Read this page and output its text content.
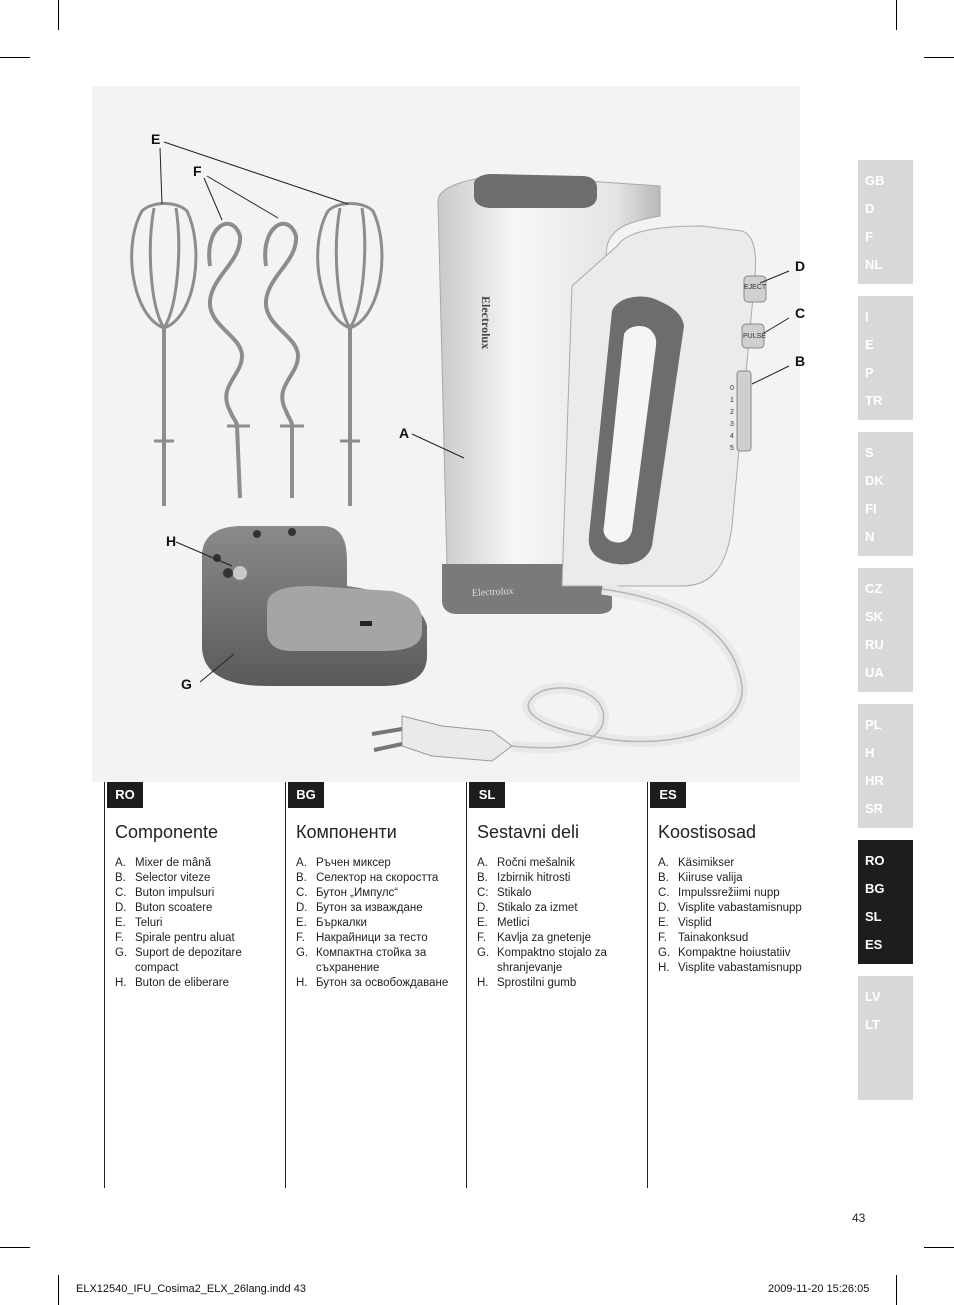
EJECT
PULSE
0
1
2
3
4
5
Electrolux
Electrolux
E
F
D
C
B
A
H
G
RO
Componente
A. Mixer de mână
B. Selector viteze
C. Buton impulsuri
D. Buton scoatere
E. Teluri
F. Spirale pentru aluat
G. Suport de depozitare compact
H. Buton de eliberare
BG
Компоненти
A. Ръчен миксер
B. Селектор на скоростта
C. Бутон „Импулс“
D. Бутон за изваждане
E. Бъркалки
F. Накрайници за тесто
G. Компактна стойка за съхранение
H. Бутон за освобождаване
SL
Sestavni deli
A. Ročni mešalnik
B. Izbirnik hitrosti
C: Stikalo
D. Stikalo za izmet
E. Metlici
F. Kavlja za gnetenje
G. Kompaktno stojalo za shranjevanje
H. Sprostilni gumb
ES
Koostisosad
A. Käsimikser
B. Kiiruse valija
C. Impulssrežiimi nupp
D. Visplite vabastamisnupp
E. Visplid
F. Tainakonksud
G. Kompaktne hoiustatiiv
H. Visplite vabastamisnupp
GB
D
F
NL
I
E
P
TR
S
DK
FI
N
CZ
SK
RU
UA
PL
H
HR
SR
RO
BG
SL
ES
LV
LT
43
ELX12540_IFU_Cosima2_ELX_26lang.indd 43	2009-11-20 15:26:05
